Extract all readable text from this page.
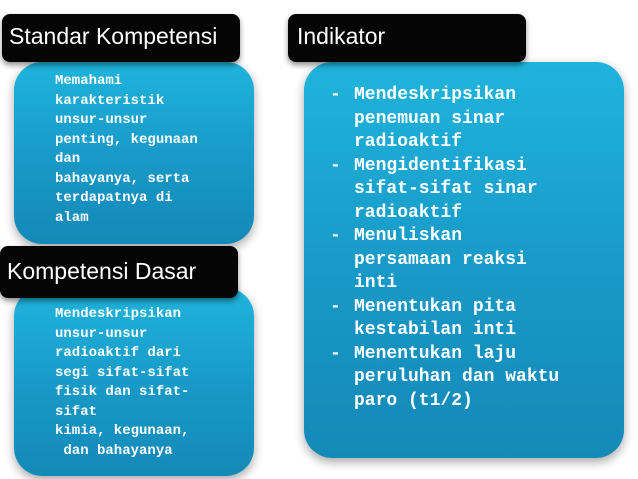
Memahami
karakteristik
unsur-unsur
penting, kegunaan
dan
bahayanya, serta
terdapatnya di
alam
Standar Kompetensi
Mendeskripsikan
unsur-unsur
radioaktif dari
segi sifat-sifat
fisik dan sifat-
sifat
kimia, kegunaan,
dan bahayanya
Kompetensi Dasar
- Mendeskripsikan
penemuan sinar
radioaktif
- Mengidentifikasi
sifat-sifat sinar
radioaktif
- Menuliskan
persamaan reaksi
inti
- Menentukan pita
kestabilan inti
- Menentukan laju
peruluhan dan waktu
paro (t1/2)
Indikator
